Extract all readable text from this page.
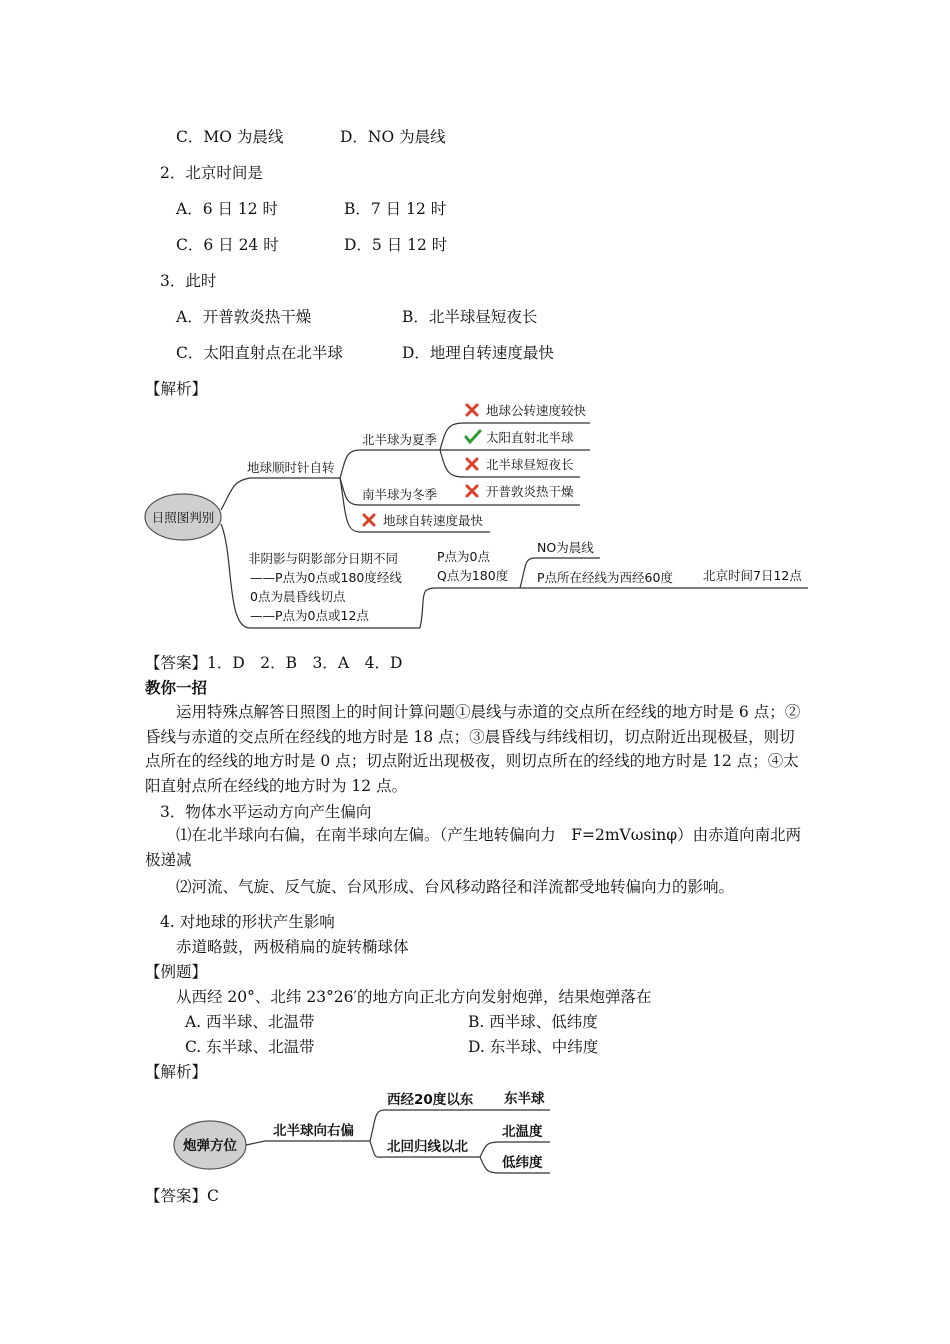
C．MO 为晨线	D．NO 为晨线
2．北京时间是
A．6 日 12 时	B．7 日 12 时
C．6 日 24 时	D．5 日 12 时
3．此时
A．开普敦炎热干燥	B．北半球昼短夜长
C．太阳直射点在北半球	D．地理自转速度最快
【解析】
日照图判别
地球顺时针自转
北半球为夏季
南半球为冬季
地球公转速度较快
太阳直射北半球
北半球昼短夜长
开普敦炎热干燥
地球自转速度最快
非阴影与阴影部分日期不同
——P点为0点或180度经线
0点为晨昏线切点
——P点为0点或12点
P点为0点
Q点为180度
NO为晨线
P点所在经线为西经60度 北京时间7日12点
【答案】1．D　2．B　3．A　4．D
教你一招
运用特殊点解答日照图上的时间计算问题①晨线与赤道的交点所在经线的地方时是 6 点；②昏线与赤道的交点所在经线的地方时是 18 点；③晨昏线与纬线相切，切点附近出现极昼，则切点所在的经线的地方时是 0 点；切点附近出现极夜，则切点所在的经线的地方时是 12 点；④太阳直射点所在经线的地方时为 12 点。
3．物体水平运动方向产生偏向
⑴在北半球向右偏，在南半球向左偏。（产生地转偏向力　F=2mVωsinφ）由赤道向南北两极递减
⑵河流、气旋、反气旋、台风形成、台风移动路径和洋流都受地转偏向力的影响。
4. 对地球的形状产生影响
赤道略鼓，两极稍扁的旋转椭球体
【例题】
从西经 20°、北纬 23°26′的地方向正北方向发射炮弹，结果炮弹落在
A. 西半球、北温带	B. 西半球、低纬度
C. 东半球、北温带	D. 东半球、中纬度
【解析】
炮弹方位
北半球向右偏
西经20度以东
北回归线以北
东半球
北温度
低纬度
【答案】C
